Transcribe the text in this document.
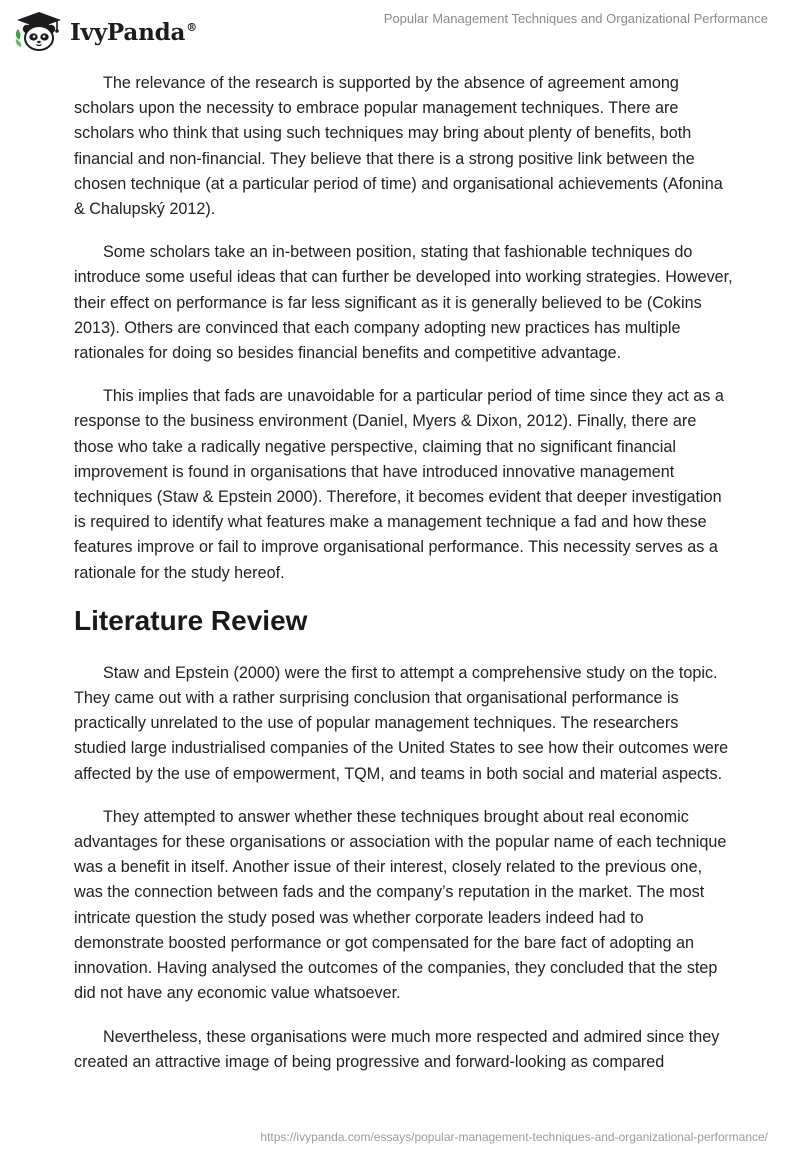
IvyPanda®
Popular Management Techniques and Organizational Performance

The relevance of the research is supported by the absence of agreement among scholars upon the necessity to embrace popular management techniques. There are scholars who think that using such techniques may bring about plenty of benefits, both financial and non-financial. They believe that there is a strong positive link between the chosen technique (at a particular period of time) and organisational achievements (Afonina & Chalupský 2012).

Some scholars take an in-between position, stating that fashionable techniques do introduce some useful ideas that can further be developed into working strategies. However, their effect on performance is far less significant as it is generally believed to be (Cokins 2013). Others are convinced that each company adopting new practices has multiple rationales for doing so besides financial benefits and competitive advantage.

This implies that fads are unavoidable for a particular period of time since they act as a response to the business environment (Daniel, Myers & Dixon, 2012). Finally, there are those who take a radically negative perspective, claiming that no significant financial improvement is found in organisations that have introduced innovative management techniques (Staw & Epstein 2000). Therefore, it becomes evident that deeper investigation is required to identify what features make a management technique a fad and how these features improve or fail to improve organisational performance. This necessity serves as a rationale for the study hereof.

Literature Review

Staw and Epstein (2000) were the first to attempt a comprehensive study on the topic. They came out with a rather surprising conclusion that organisational performance is practically unrelated to the use of popular management techniques. The researchers studied large industrialised companies of the United States to see how their outcomes were affected by the use of empowerment, TQM, and teams in both social and material aspects.

They attempted to answer whether these techniques brought about real economic advantages for these organisations or association with the popular name of each technique was a benefit in itself. Another issue of their interest, closely related to the previous one, was the connection between fads and the company’s reputation in the market. The most intricate question the study posed was whether corporate leaders indeed had to demonstrate boosted performance or got compensated for the bare fact of adopting an innovation. Having analysed the outcomes of the companies, they concluded that the step did not have any economic value whatsoever.

Nevertheless, these organisations were much more respected and admired since they created an attractive image of being progressive and forward-looking as compared

https://ivypanda.com/essays/popular-management-techniques-and-organizational-performance/
